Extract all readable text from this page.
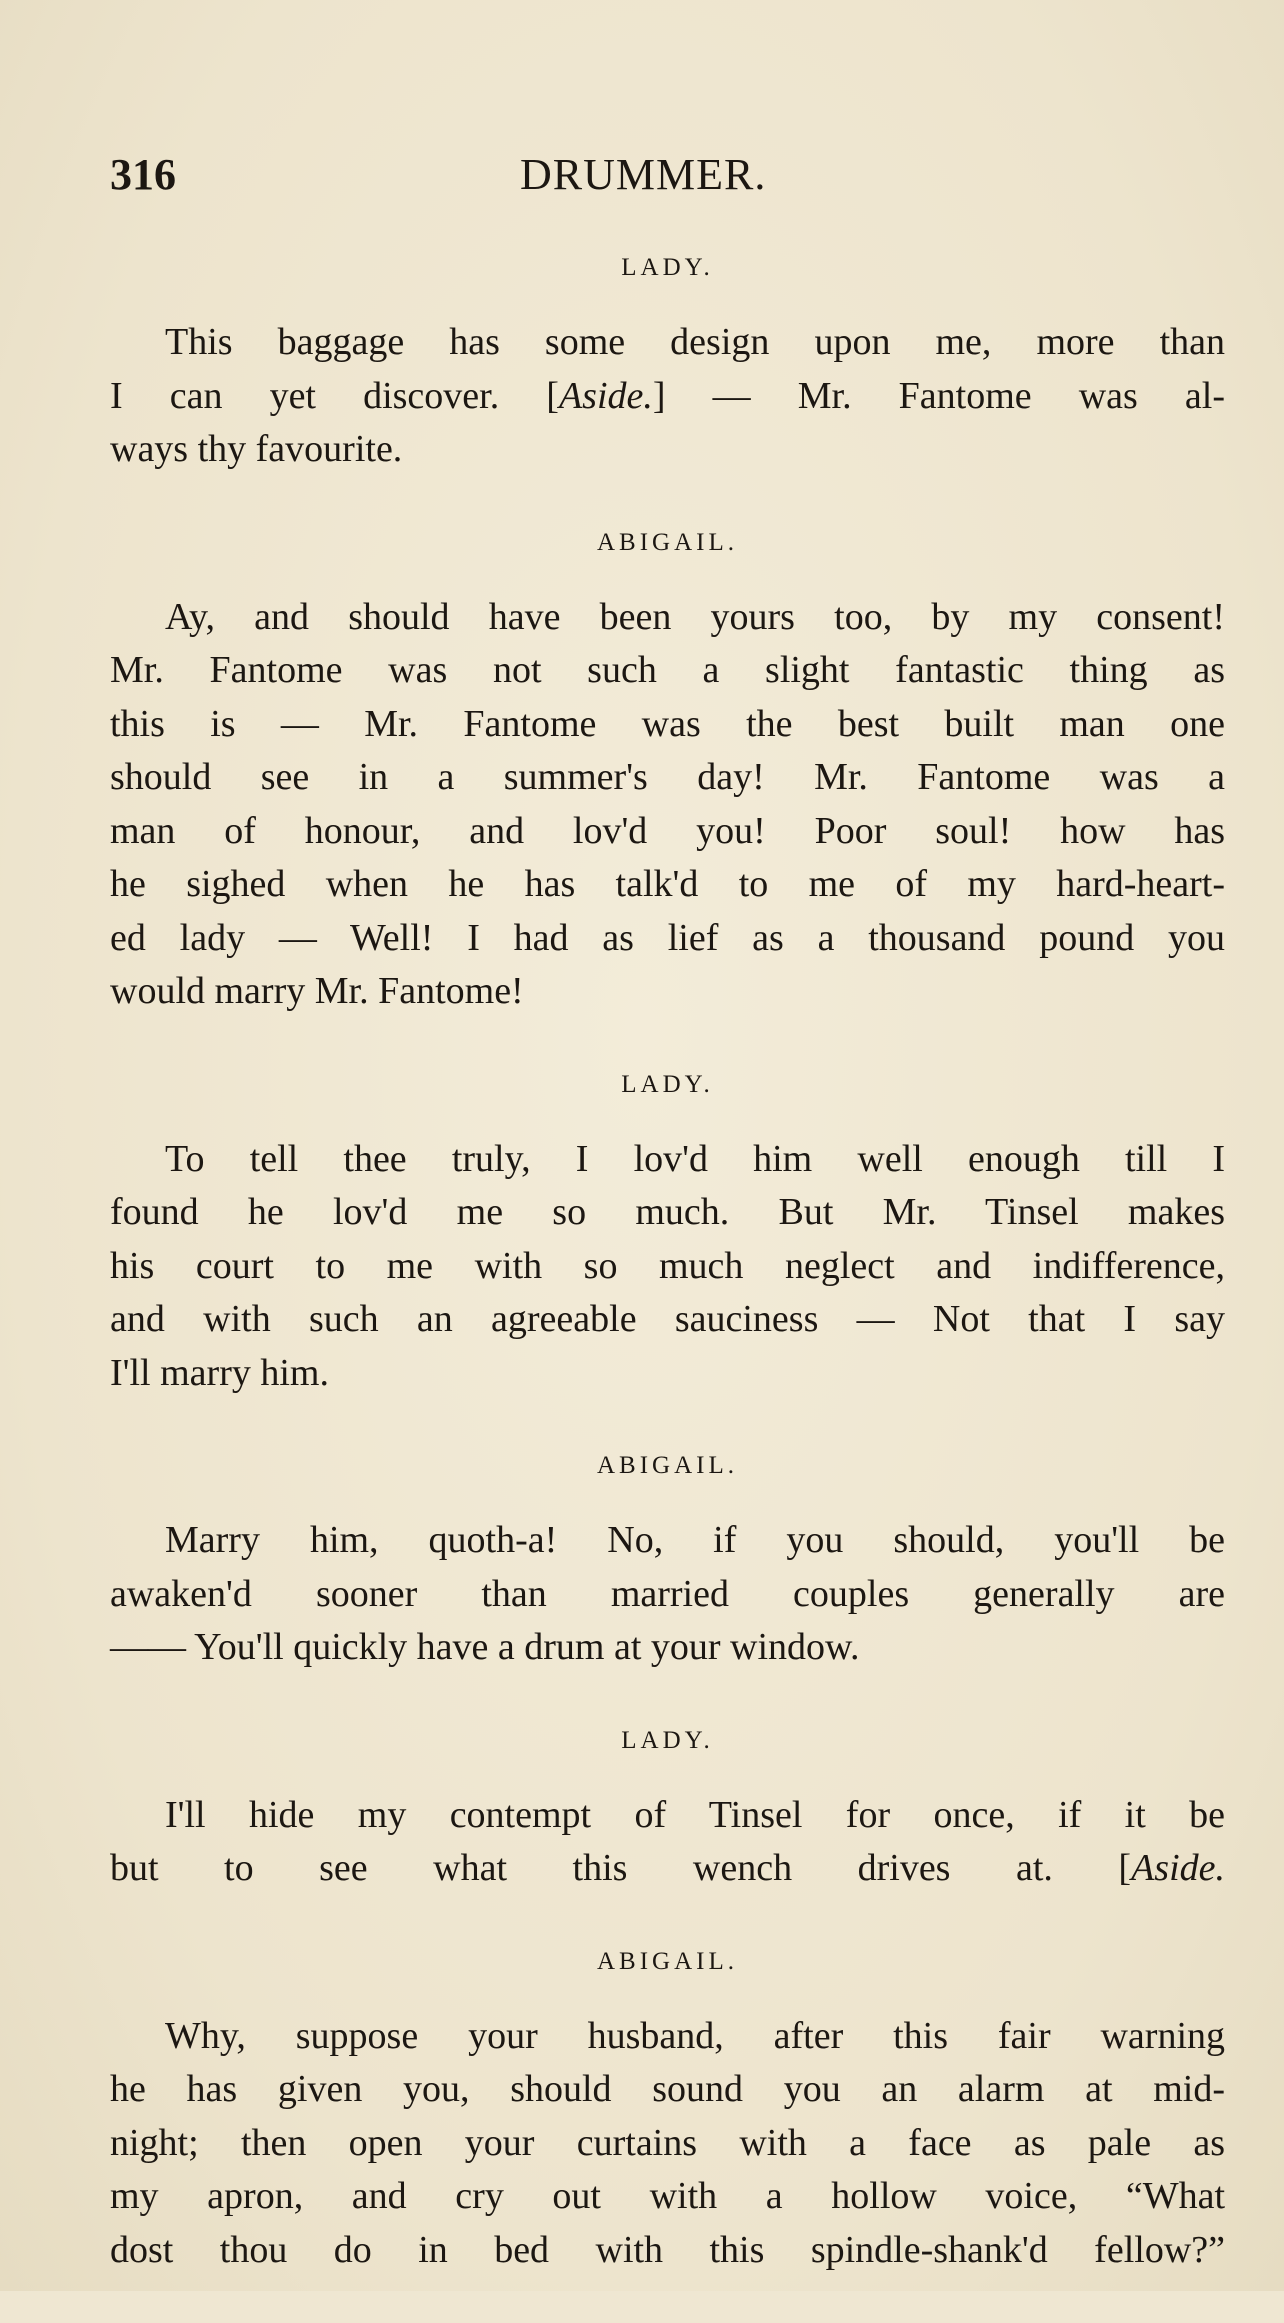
316	DRUMMER.
LADY.
This baggage has some design upon me, more than
I can yet discover. [Aside.] — Mr. Fantome was al-
ways thy favourite.
ABIGAIL.
Ay, and should have been yours too, by my consent!
Mr. Fantome was not such a slight fantastic thing as
this is — Mr. Fantome was the best built man one
should see in a summer's day! Mr. Fantome was a
man of honour, and lov'd you! Poor soul! how has
he sighed when he has talk'd to me of my hard-heart-
ed lady — Well! I had as lief as a thousand pound you
would marry Mr. Fantome!
LADY.
To tell thee truly, I lov'd him well enough till I
found he lov'd me so much. But Mr. Tinsel makes
his court to me with so much neglect and indifference,
and with such an agreeable sauciness — Not that I say
I'll marry him.
ABIGAIL.
Marry him, quoth-a! No, if you should, you'll be
awaken'd sooner than married couples generally are
—— You'll quickly have a drum at your window.
LADY.
I'll hide my contempt of Tinsel for once, if it be
but to see what this wench drives at. [Aside.
ABIGAIL.
Why, suppose your husband, after this fair warning
he has given you, should sound you an alarm at mid-
night; then open your curtains with a face as pale as
my apron, and cry out with a hollow voice, “What
dost thou do in bed with this spindle-shank'd fellow?”
